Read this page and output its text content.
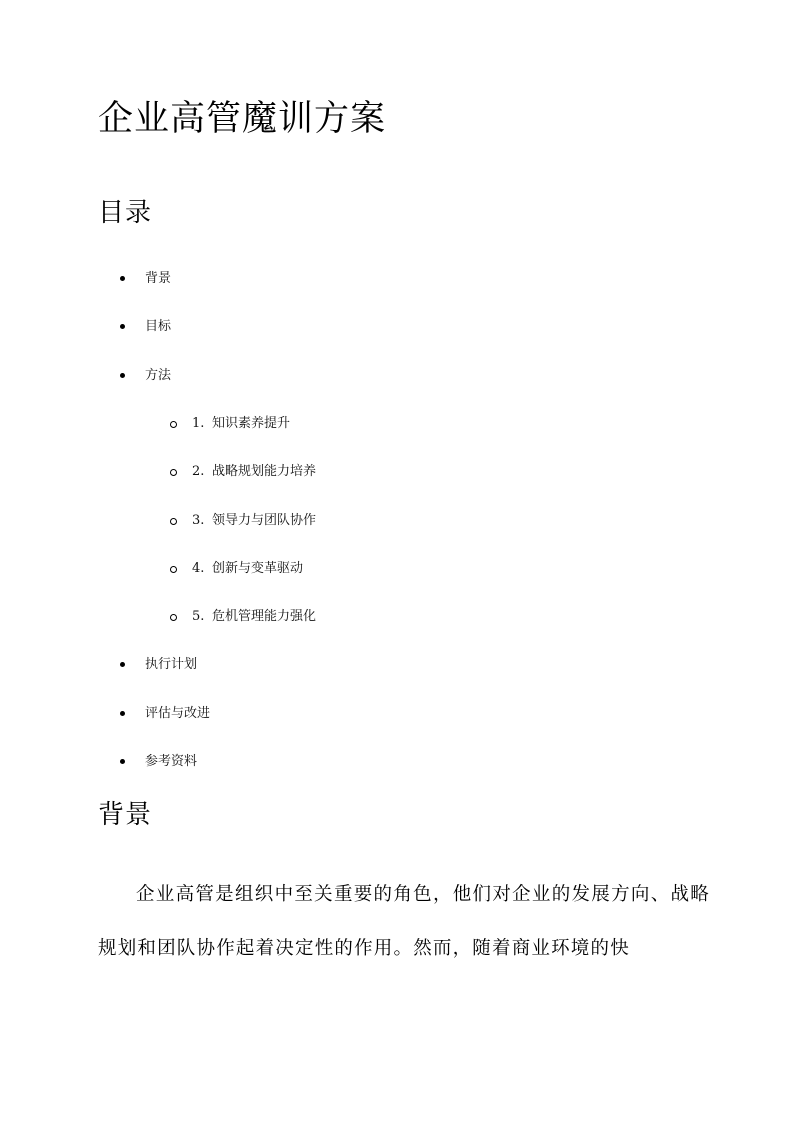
企业高管魔训方案
目录
背景
目标
方法
1. 知识素养提升
2. 战略规划能力培养
3. 领导力与团队协作
4. 创新与变革驱动
5. 危机管理能力强化
执行计划
评估与改进
参考资料
背景

企业高管是组织中至关重要的角色，他们对企业的发展方向、战略规划和团队协作起着决定性的作用。然而，随着商业环境的快
